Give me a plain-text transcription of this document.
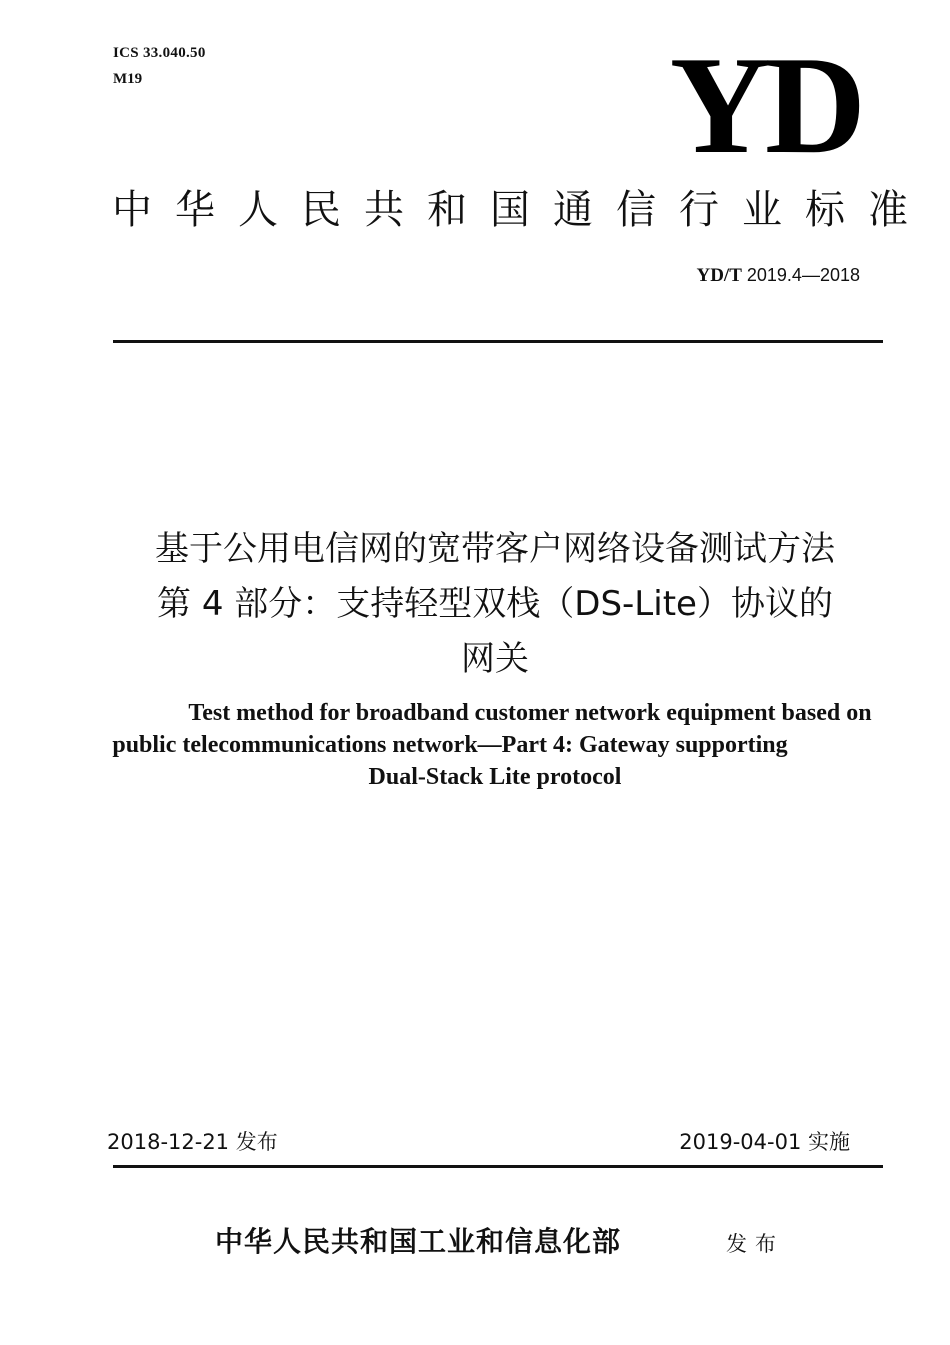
ICS 33.040.50
M19	YD
中华人民共和国通信行业标准
YD/T 2019.4—2018
基于公用电信网的宽带客户网络设备测试方法
第 4 部分：支持轻型双栈（DS-Lite）协议的
网关
Test method for broadband customer network equipment based on
public telecommunications network—Part 4: Gateway supporting
Dual-Stack Lite protocol
2018-12-21 发布	2019-04-01 实施
中华人民共和国工业和信息化部	发布
